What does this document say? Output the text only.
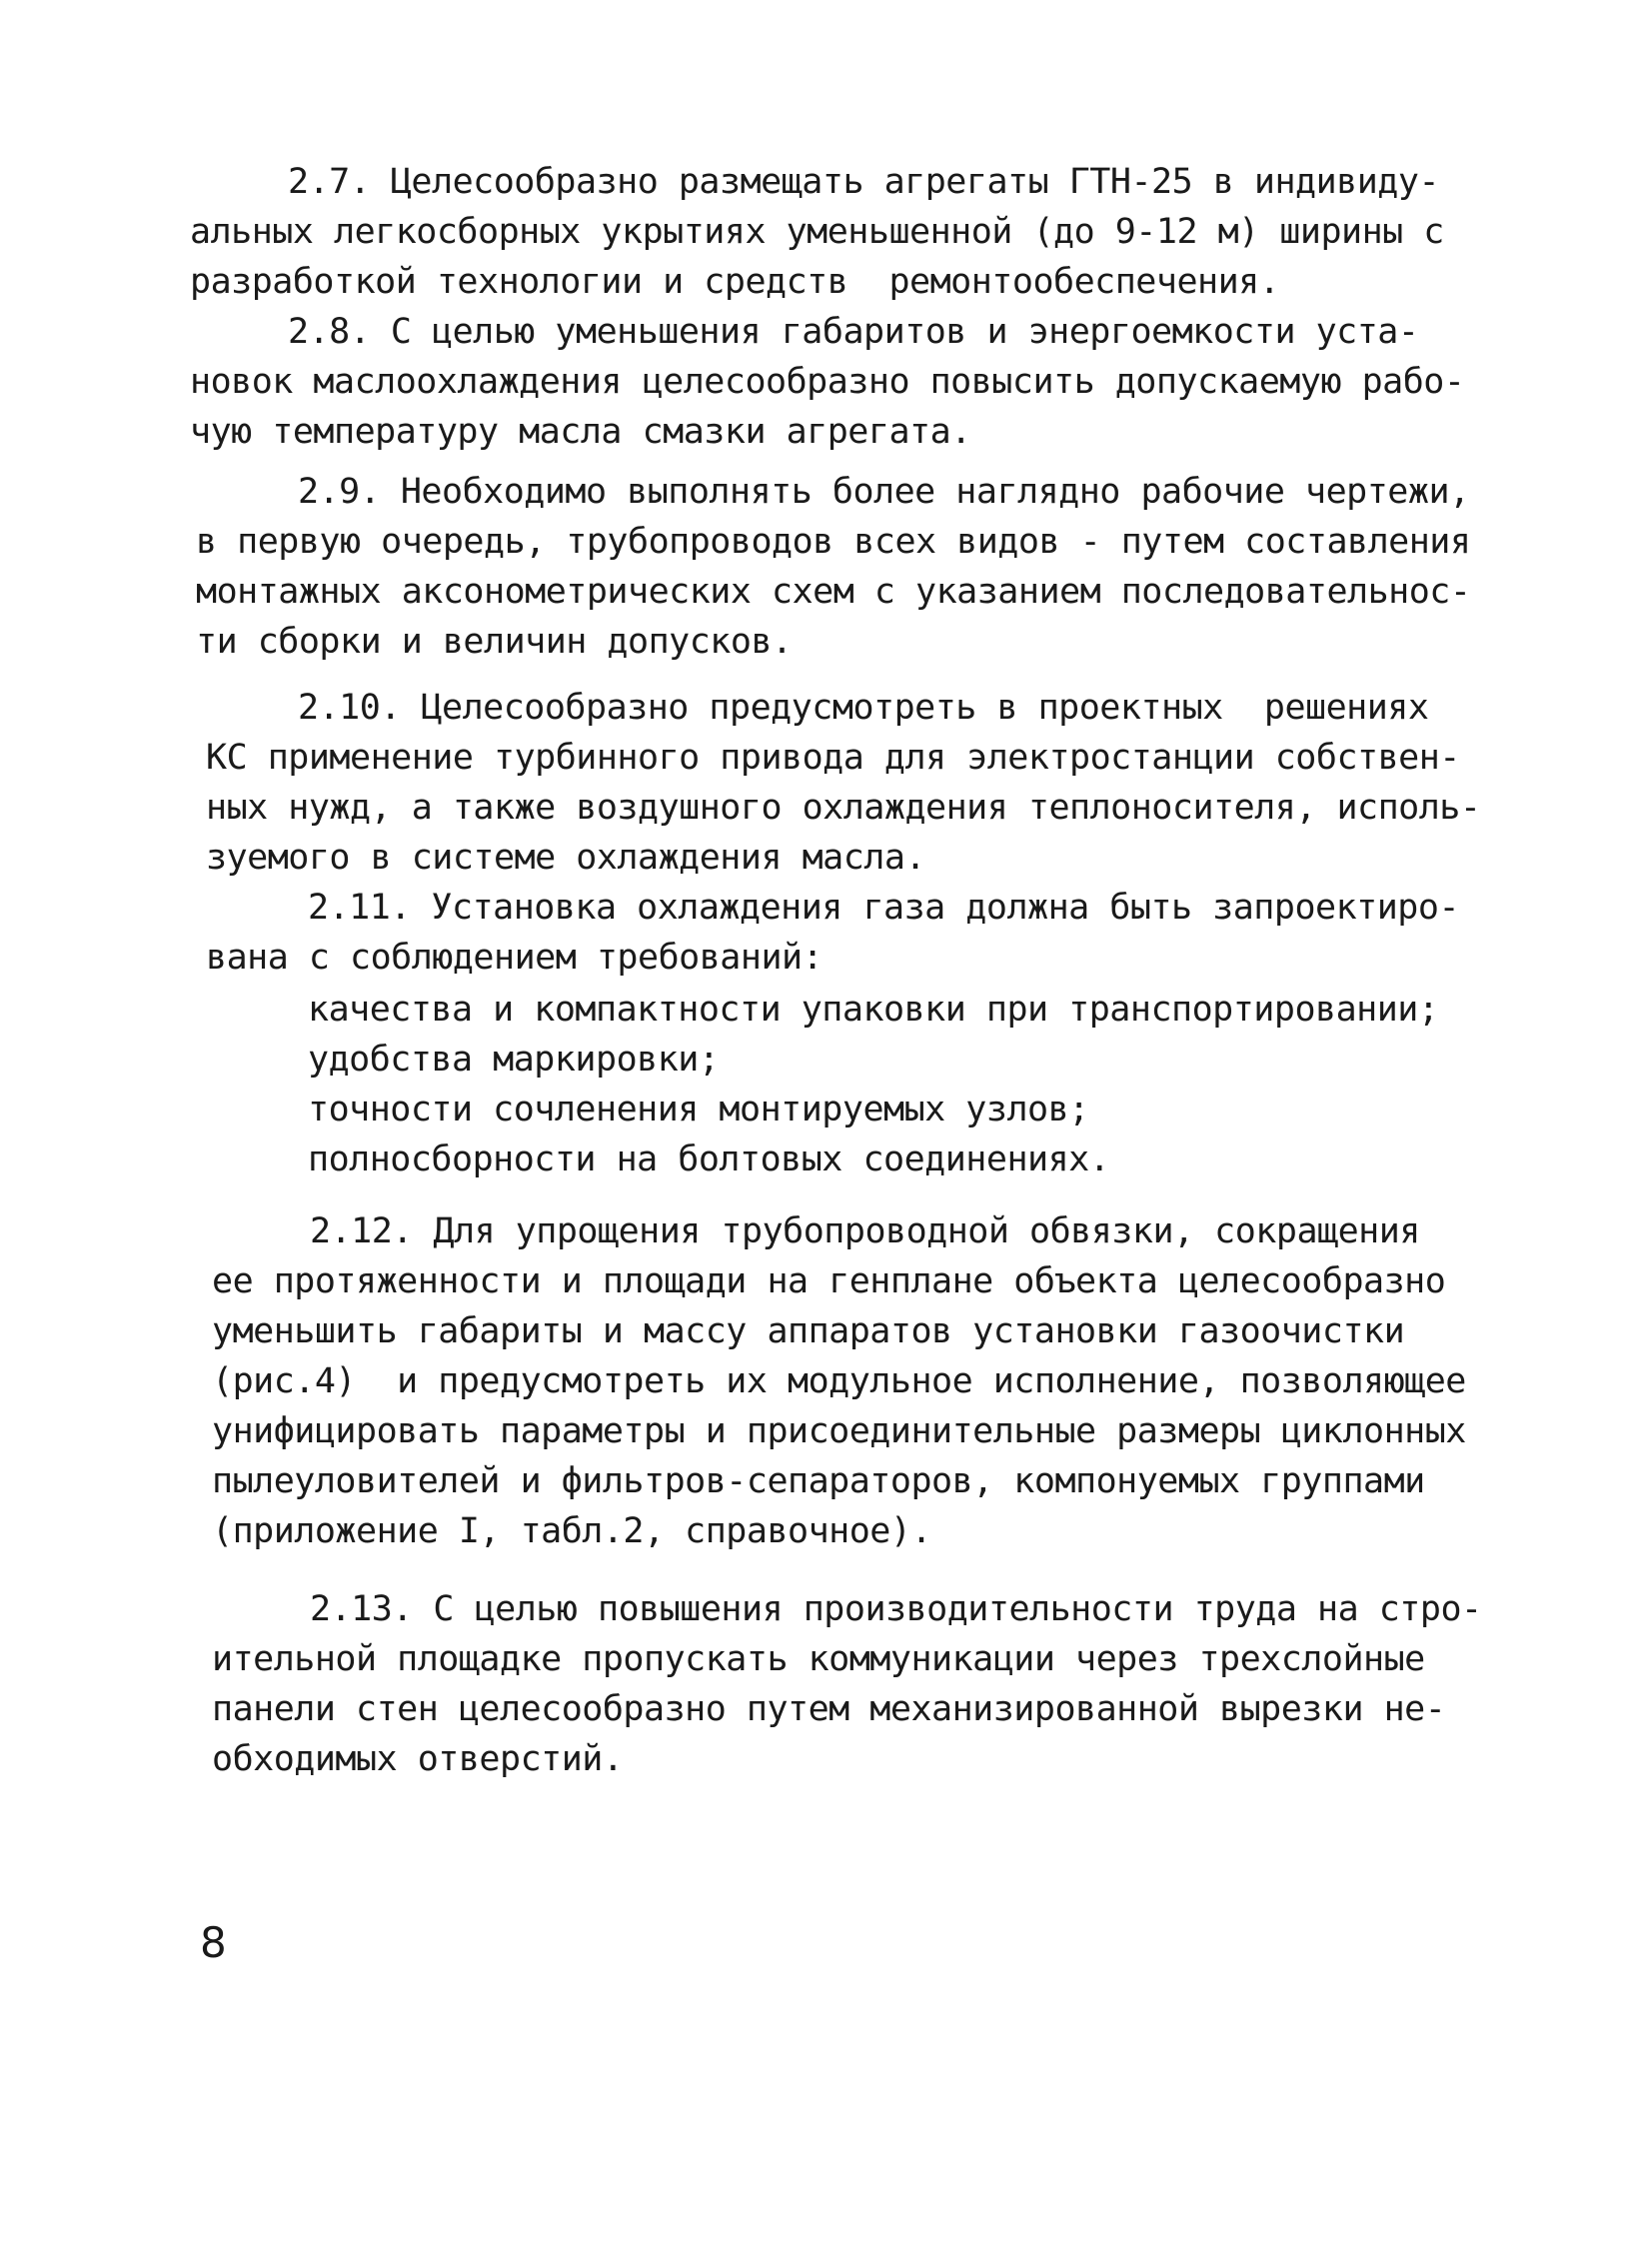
2.7. Целесообразно размещать агрегаты ГТН-25 в индивиду-
альных легкосборных укрытиях уменьшенной (до 9-12 м) ширины с
разработкой технологии и средств  ремонтообеспечения.
2.8. С целью уменьшения габаритов и энергоемкости уста-
новок маслоохлаждения целесообразно повысить допускаемую рабо-
чую температуру масла смазки агрегата.
2.9. Необходимо выполнять более наглядно рабочие чертежи,
в первую очередь, трубопроводов всех видов - путем составления
монтажных аксонометрических схем с указанием последовательнос-
ти сборки и величин допусков.
2.10. Целесообразно предусмотреть в проектных  решениях
КС применение турбинного привода для электростанции собствен-
ных нужд, а также воздушного охлаждения теплоносителя, исполь-
зуемого в системе охлаждения масла.
2.11. Установка охлаждения газа должна быть запроектиро-
вана с соблюдением требований:
качества и компактности упаковки при транспортировании;
удобства маркировки;
точности сочленения монтируемых узлов;
полносборности на болтовых соединениях.
2.12. Для упрощения трубопроводной обвязки, сокращения
ее протяженности и площади на генплане объекта целесообразно
уменьшить габариты и массу аппаратов установки газоочистки
(рис.4)  и предусмотреть их модульное исполнение, позволяющее
унифицировать параметры и присоединительные размеры циклонных
пылеуловителей и фильтров-сепараторов, компонуемых группами
(приложение I, табл.2, справочное).
2.13. С целью повышения производительности труда на стро-
ительной площадке пропускать коммуникации через трехслойные
панели стен целесообразно путем механизированной вырезки не-
обходимых отверстий.
8
